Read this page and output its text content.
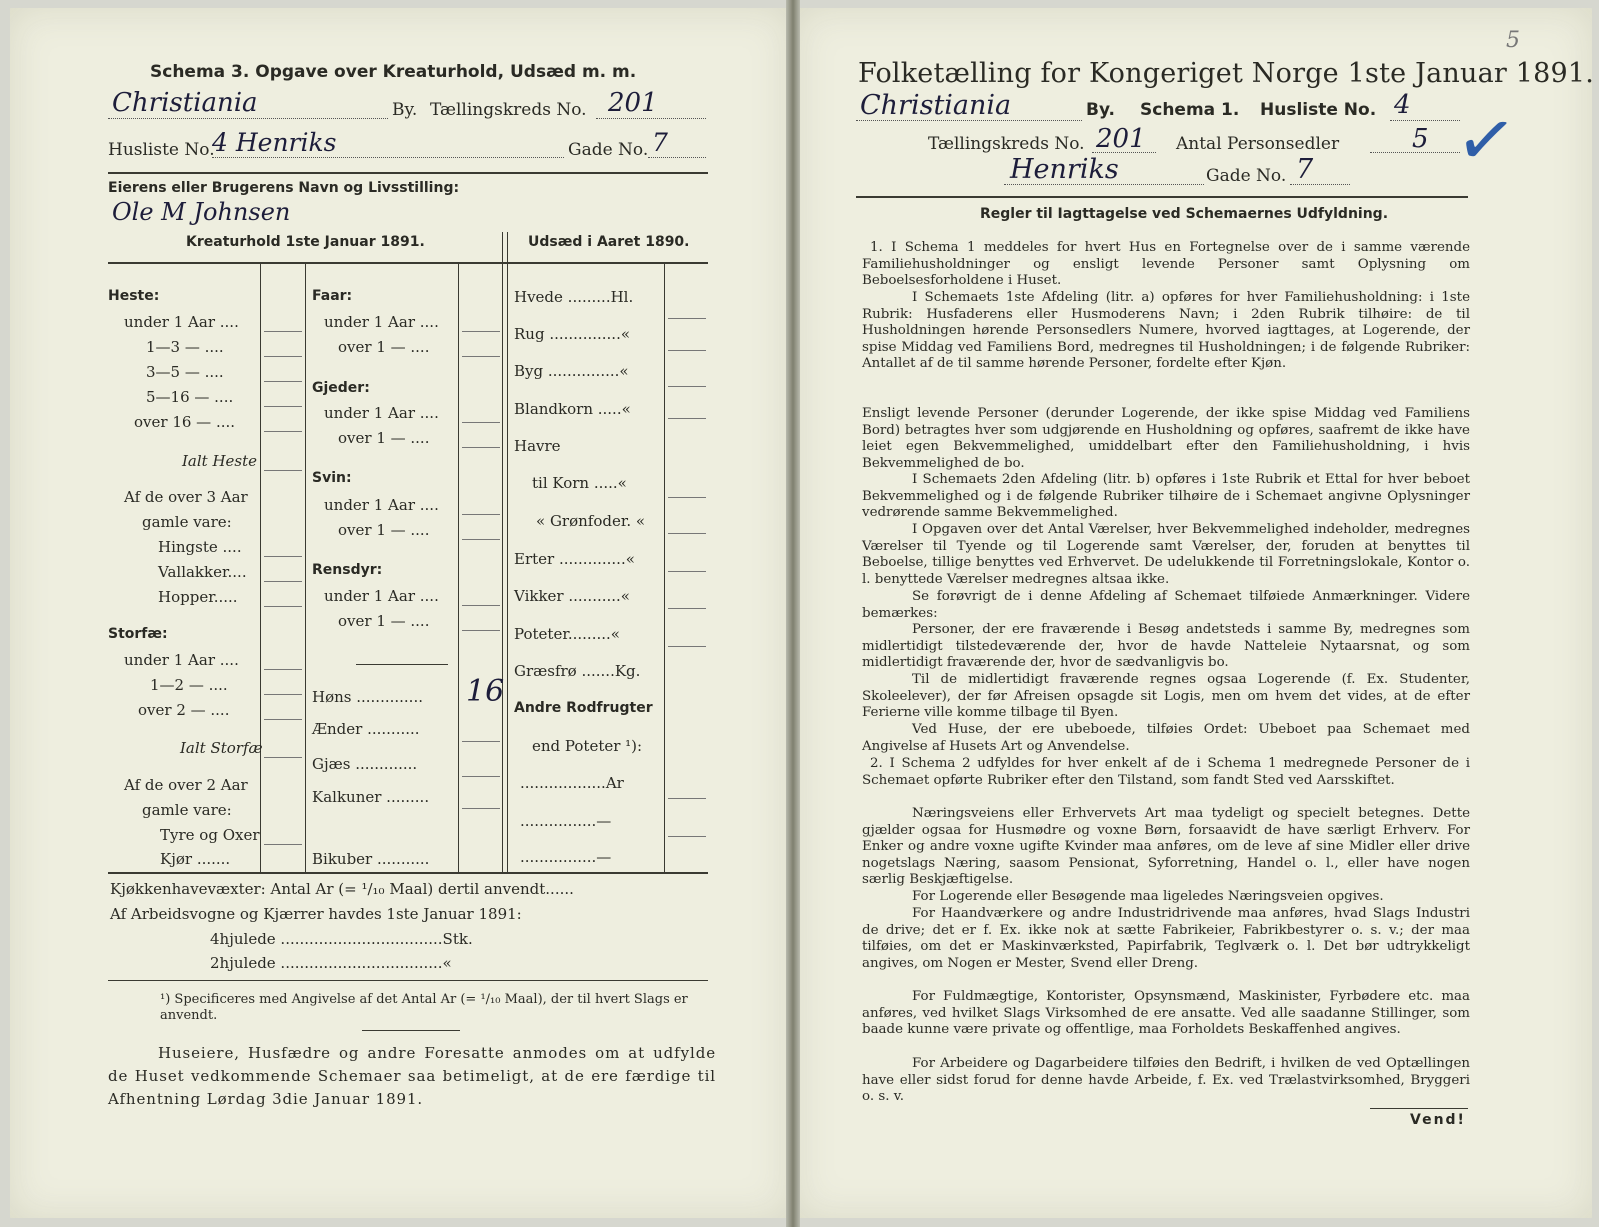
Schema 3. Opgave over Kreaturhold, Udsæd m. m.
Christiania	By. Tællingskreds No. 201
Husliste No.
4 Henriks	Gade No. 7
Eierens eller Brugerens Navn og Livsstilling:
Ole M Johnsen
Kreaturhold 1ste Januar 1891.	Udsæd i Aaret 1890.
Heste:
under 1 Aar ....
1—3 — ....
3—5 — ....
5—16 — ....
over 16 — ....
Ialt Heste
Af de over 3 Aar
gamle vare:
Hingste ....
Vallakker....
Hopper.....
Storfæ:
under 1 Aar ....
1—2 — ....
over 2 — ....
Ialt Storfæ
Af de over 2 Aar
gamle vare:
Tyre og Oxer
Kjør .......
Faar:
under 1 Aar ....
over 1 — ....
Gjeder:
under 1 Aar ....
over 1 — ....
Svin:
under 1 Aar ....
over 1 — ....
Rensdyr:
under 1 Aar ....
over 1 — ....
Høns ..............
Ænder ...........
Gjæs .............
Kalkuner .........
Bikuber ...........
16
Hvede .........Hl.
Rug ...............«
Byg ...............«
Blandkorn .....«
Havre
til Korn .....«
« Grønfoder. «
Erter ..............«
Vikker ...........«
Poteter.........«
Græsfrø .......Kg.
Andre Rodfrugter
end Poteter ¹):
..................Ar
................—
................—
Kjøkkenhavevæxter: Antal Ar (= ¹/₁₀ Maal) dertil anvendt......
Af Arbeidsvogne og Kjærrer havdes 1ste Januar 1891:
4hjulede ..................................Stk.
2hjulede ..................................«
¹) Specificeres med Angivelse af det Antal Ar (= ¹/₁₀ Maal), der til hvert Slags er anvendt.
Huseiere, Husfædre og andre Foresatte anmodes om at udfylde de Huset vedkommende Schemaer saa betimeligt, at de ere færdige til Afhentning Lørdag 3die Januar 1891.
5
Folketælling for Kongeriget Norge 1ste Januar 1891.
Christiania	By. Schema 1. Husliste No. 4
Tællingskreds No. 201 Antal Personsedler	5
Henriks	Gade No. 7 ✓
Regler til Iagttagelse ved Schemaernes Udfyldning.
1. I Schema 1 meddeles for hvert Hus en Fortegnelse over de i samme værende Familiehusholdninger og ensligt levende Personer samt Oplysning om Beboelsesforholdene i Huset.
I Schemaets 1ste Afdeling (litr. a) opføres for hver Familiehusholdning: i 1ste Rubrik: Husfaderens eller Husmoderens Navn; i 2den Rubrik tilhøire: de til Husholdningen hørende Personsedlers Numere, hvorved iagttages, at Logerende, der spise Middag ved Familiens Bord, medregnes til Husholdningen; i de følgende Rubriker: Antallet af de til samme hørende Personer, fordelte efter Kjøn.
Ensligt levende Personer (derunder Logerende, der ikke spise Middag ved Familiens Bord) betragtes hver som udgjørende en Husholdning og opføres, saafremt de ikke have leiet egen Bekvemmelighed, umiddelbart efter den Familiehusholdning, i hvis Bekvemmelighed de bo.
I Schemaets 2den Afdeling (litr. b) opføres i 1ste Rubrik et Ettal for hver beboet Bekvemmelighed og i de følgende Rubriker tilhøire de i Schemaet angivne Oplysninger vedrørende samme Bekvemmelighed.
I Opgaven over det Antal Værelser, hver Bekvemmelighed indeholder, medregnes Værelser til Tyende og til Logerende samt Værelser, der, foruden at benyttes til Beboelse, tillige benyttes ved Erhvervet. De udelukkende til Forretningslokale, Kontor o. l. benyttede Værelser medregnes altsaa ikke.
Se forøvrigt de i denne Afdeling af Schemaet tilføiede Anmærkninger. Videre bemærkes:
Personer, der ere fraværende i Besøg andetsteds i samme By, medregnes som midlertidigt tilstedeværende der, hvor de havde Natteleie Nytaarsnat, og som midlertidigt fraværende der, hvor de sædvanligvis bo.
Til de midlertidigt fraværende regnes ogsaa Logerende (f. Ex. Studenter, Skoleelever), der før Afreisen opsagde sit Logis, men om hvem det vides, at de efter Ferierne ville komme tilbage til Byen.
Ved Huse, der ere ubeboede, tilføies Ordet: Ubeboet paa Schemaet med Angivelse af Husets Art og Anvendelse.
2. I Schema 2 udfyldes for hver enkelt af de i Schema 1 medregnede Personer de i Schemaet opførte Rubriker efter den Tilstand, som fandt Sted ved Aarsskiftet.
Næringsveiens eller Erhvervets Art maa tydeligt og specielt betegnes. Dette gjælder ogsaa for Husmødre og voxne Børn, forsaavidt de have særligt Erhverv. For Enker og andre voxne ugifte Kvinder maa anføres, om de leve af sine Midler eller drive nogetslags Næring, saasom Pensionat, Syforretning, Handel o. l., eller have nogen særlig Beskjæftigelse.
For Logerende eller Besøgende maa ligeledes Næringsveien opgives.
For Haandværkere og andre Industridrivende maa anføres, hvad Slags Industri de drive; det er f. Ex. ikke nok at sætte Fabrikeier, Fabrikbestyrer o. s. v.; der maa tilføies, om det er Maskinværksted, Papirfabrik, Teglværk o. l. Det bør udtrykkeligt angives, om Nogen er Mester, Svend eller Dreng.
For Fuldmægtige, Kontorister, Opsynsmænd, Maskinister, Fyrbødere etc. maa anføres, ved hvilket Slags Virksomhed de ere ansatte. Ved alle saadanne Stillinger, som baade kunne være private og offentlige, maa Forholdets Beskaffenhed angives.
For Arbeidere og Dagarbeidere tilføies den Bedrift, i hvilken de ved Optællingen have eller sidst forud for denne havde Arbeide, f. Ex. ved Trælastvirksomhed, Bryggeri o. s. v.
Vend!
